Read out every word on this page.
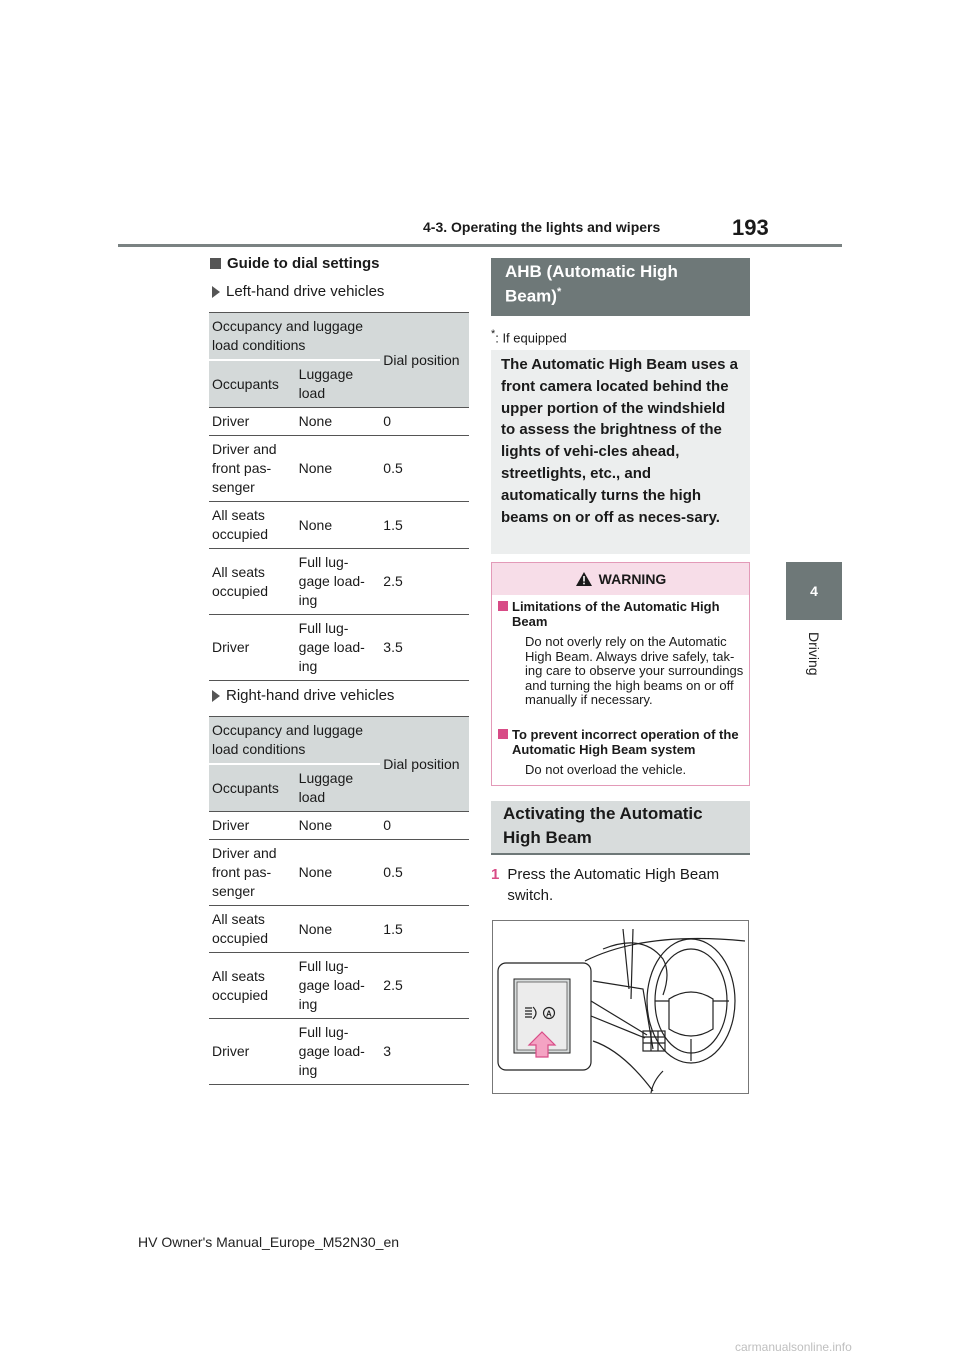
4-3. Operating the lights and wipers	193
4
Driving
Guide to dial settings
Left-hand drive vehicles
Occupancy and luggage load conditions		Dial position
Occupants	Luggage load	
Driver	None	0
Driver and front pas-senger	None	0.5
All seats occupied	None	1.5
All seats occupied	Full lug-gage load-ing	2.5
Driver	Full lug-gage load-ing	3.5
Right-hand drive vehicles
Occupancy and luggage load conditions		Dial position
Occupants	Luggage load	
Driver	None	0
Driver and front pas-senger	None	0.5
All seats occupied	None	1.5
All seats occupied	Full lug-gage load-ing	2.5
Driver	Full lug-gage load-ing	3
AHB (Automatic High
Beam)*
*: If equipped
The Automatic High Beam uses a front camera located behind the upper portion of the windshield to assess the brightness of the lights of vehi-cles ahead, streetlights, etc., and automatically turns the high beams on or off as neces-sary.
WARNING
Limitations of the Automatic High Beam
Do not overly rely on the Automatic High Beam. Always drive safely, tak-ing care to observe your surroundings and turning the high beams on or off manually if necessary.
To prevent incorrect operation of the Automatic High Beam system
Do not overload the vehicle.
Activating the Automatic
High Beam
1 Press the Automatic High Beam switch.
A
HV Owner's Manual_Europe_M52N30_en
carmanualsonline.info
